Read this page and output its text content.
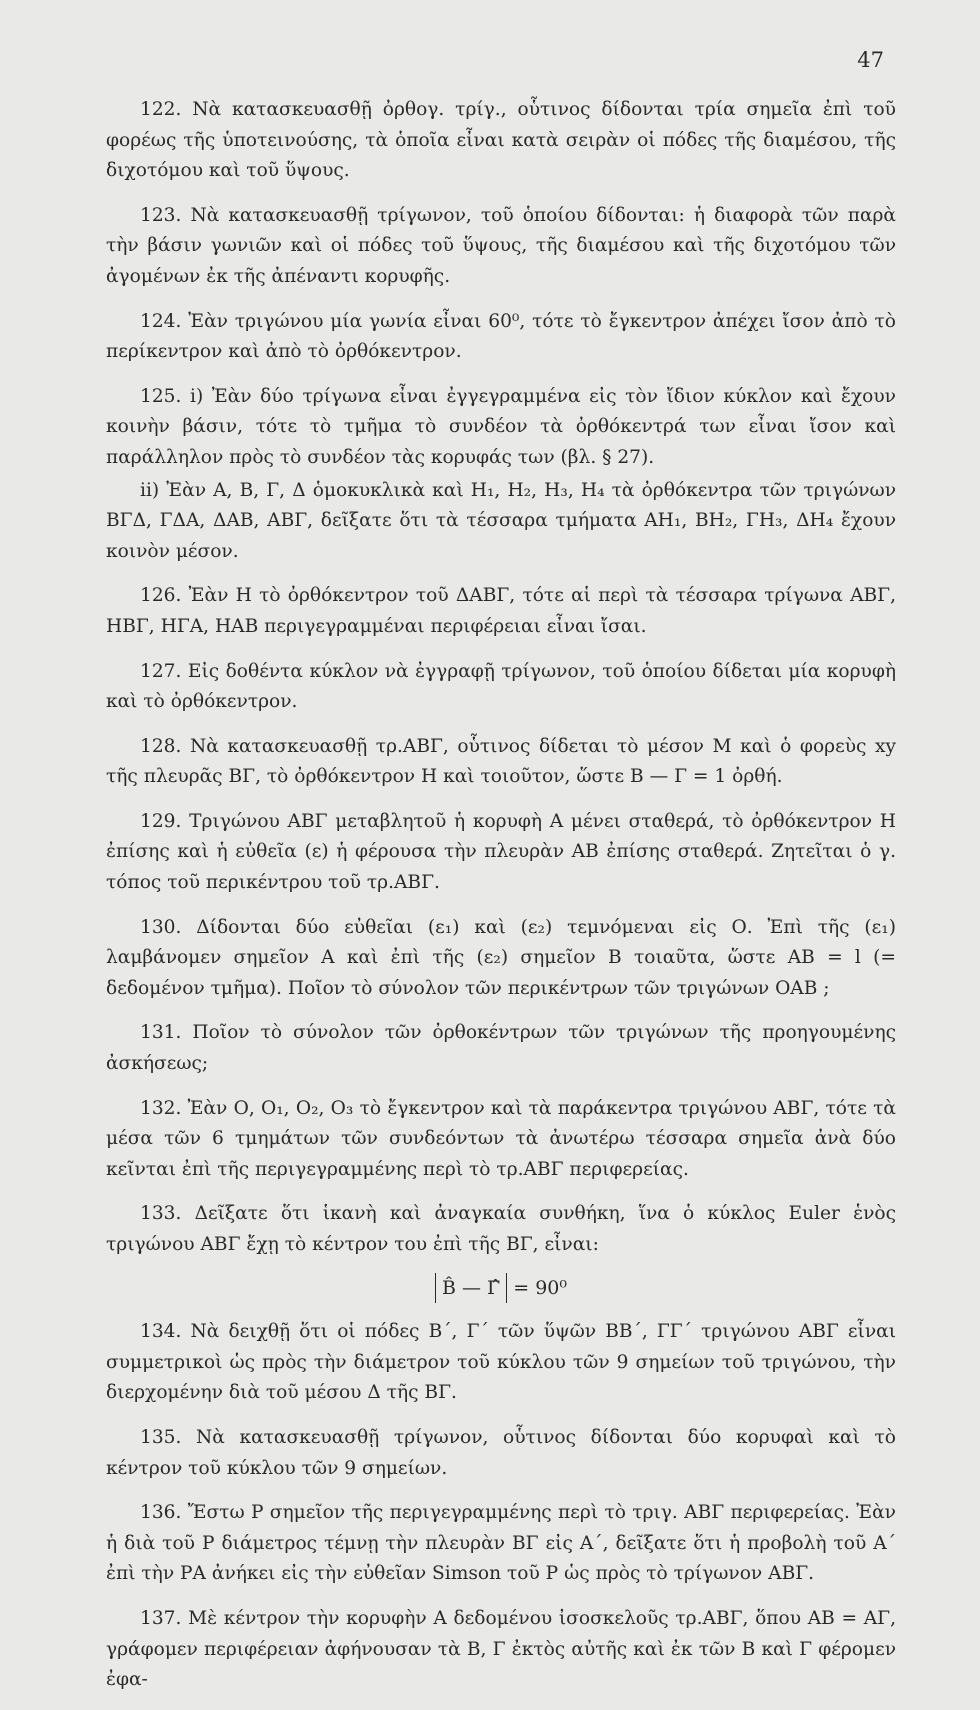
47

122. Νὰ κατασκευασθῇ ὀρθογ. τρίγ., οὗτινος δίδονται τρία σημεῖα ἐπὶ τοῦ φορέως τῆς ὑποτεινούσης, τὰ ὁποῖα εἶναι κατὰ σειρὰν οἱ πόδες τῆς διαμέσου, τῆς διχοτόμου καὶ τοῦ ὕψους.

123. Νὰ κατασκευασθῇ τρίγωνον, τοῦ ὁποίου δίδονται: ἡ διαφορὰ τῶν παρὰ τὴν βάσιν γωνιῶν καὶ οἱ πόδες τοῦ ὕψους, τῆς διαμέσου καὶ τῆς διχοτόμου τῶν ἀγομένων ἐκ τῆς ἀπέναντι κορυφῆς.

124. Ἐὰν τριγώνου μία γωνία εἶναι 60⁰, τότε τὸ ἔγκεντρον ἀπέχει ἴσον ἀπὸ τὸ περίκεντρον καὶ ἀπὸ τὸ ὀρθόκεντρον.

125. i) Ἐὰν δύο τρίγωνα εἶναι ἐγγεγραμμένα εἰς τὸν ἴδιον κύκλον καὶ ἔχουν κοινὴν βάσιν, τότε τὸ τμῆμα τὸ συνδέον τὰ ὀρθόκεντρά των εἶναι ἴσον καὶ παράλληλον πρὸς τὸ συνδέον τὰς κορυφάς των (βλ. § 27).

ii) Ἐὰν Α, Β, Γ, Δ ὁμοκυκλικὰ καὶ Η₁, Η₂, Η₃, Η₄ τὰ ὀρθόκεντρα τῶν τριγώνων ΒΓΔ, ΓΔΑ, ΔΑΒ, ΑΒΓ, δεῖξατε ὅτι τὰ τέσσαρα τμήματα ΑΗ₁, ΒΗ₂, ΓΗ₃, ΔΗ₄ ἔχουν κοινὸν μέσον.

126. Ἐὰν Η τὸ ὀρθόκεντρον τοῦ ΔΑΒΓ, τότε αἱ περὶ τὰ τέσσαρα τρίγωνα ΑΒΓ, ΗΒΓ, ΗΓΑ, ΗΑΒ περιγεγραμμέναι περιφέρειαι εἶναι ἴσαι.

127. Εἰς δοθέντα κύκλον νὰ ἐγγραφῇ τρίγωνον, τοῦ ὁποίου δίδεται μία κορυφὴ καὶ τὸ ὀρθόκεντρον.

128. Νὰ κατασκευασθῇ τρ.ΑΒΓ, οὗτινος δίδεται τὸ μέσον Μ καὶ ὁ φορεὺς xy τῆς πλευρᾶς ΒΓ, τὸ ὀρθόκεντρον Η καὶ τοιοῦτον, ὥστε Β — Γ = 1 ὀρθή.

129. Τριγώνου ΑΒΓ μεταβλητοῦ ἡ κορυφὴ Α μένει σταθερά, τὸ ὀρθόκεντρον Η ἐπίσης καὶ ἡ εὐθεῖα (ε) ἡ φέρουσα τὴν πλευρὰν ΑΒ ἐπίσης σταθερά. Ζητεῖται ὁ γ. τόπος τοῦ περικέντρου τοῦ τρ.ΑΒΓ.

130. Δίδονται δύο εὐθεῖαι (ε₁) καὶ (ε₂) τεμνόμεναι εἰς Ο. Ἐπὶ τῆς (ε₁) λαμβάνομεν σημεῖον Α καὶ ἐπὶ τῆς (ε₂) σημεῖον Β τοιαῦτα, ὥστε ΑΒ = l (= δεδομένον τμῆμα). Ποῖον τὸ σύνολον τῶν περικέντρων τῶν τριγώνων ΟΑΒ ;

131. Ποῖον τὸ σύνολον τῶν ὀρθοκέντρων τῶν τριγώνων τῆς προηγουμένης ἀσκήσεως;

132. Ἐὰν Ο, Ο₁, Ο₂, Ο₃ τὸ ἔγκεντρον καὶ τὰ παράκεντρα τριγώνου ΑΒΓ, τότε τὰ μέσα τῶν 6 τμημάτων τῶν συνδεόντων τὰ ἀνωτέρω τέσσαρα σημεῖα ἀνὰ δύο κεῖνται ἐπὶ τῆς περιγεγραμμένης περὶ τὸ τρ.ΑΒΓ περιφερείας.

133. Δεῖξατε ὅτι ἱκανὴ καὶ ἀναγκαία συνθήκη, ἵνα ὁ κύκλος Euler ἑνὸς τριγώνου ΑΒΓ ἔχῃ τὸ κέντρον του ἐπὶ τῆς ΒΓ, εἶναι:

B̂ — Γ̂ = 90⁰

134. Νὰ δειχθῇ ὅτι οἱ πόδες Β΄, Γ΄ τῶν ὕψῶν ΒΒ΄, ΓΓ΄ τριγώνου ΑΒΓ εἶναι συμμετρικοὶ ὡς πρὸς τὴν διάμετρον τοῦ κύκλου τῶν 9 σημείων τοῦ τριγώνου, τὴν διερχομένην διὰ τοῦ μέσου Δ τῆς ΒΓ.

135. Νὰ κατασκευασθῇ τρίγωνον, οὗτινος δίδονται δύο κορυφαὶ καὶ τὸ κέντρον τοῦ κύκλου τῶν 9 σημείων.

136. Ἔστω Ρ σημεῖον τῆς περιγεγραμμένης περὶ τὸ τριγ. ΑΒΓ περιφερείας. Ἐὰν ἡ διὰ τοῦ Ρ διάμετρος τέμνῃ τὴν πλευρὰν ΒΓ εἰς Α΄, δεῖξατε ὅτι ἡ προβολὴ τοῦ Α΄ ἐπὶ τὴν ΡΑ ἀνήκει εἰς τὴν εὐθεῖαν Simson τοῦ Ρ ὡς πρὸς τὸ τρίγωνον ΑΒΓ.

137. Μὲ κέντρον τὴν κορυφὴν Α δεδομένου ἰσοσκελοῦς τρ.ΑΒΓ, ὅπου ΑΒ = ΑΓ, γράφομεν περιφέρειαν ἀφήνουσαν τὰ Β, Γ ἐκτὸς αὐτῆς καὶ ἐκ τῶν Β καὶ Γ φέρομεν ἐφα-
